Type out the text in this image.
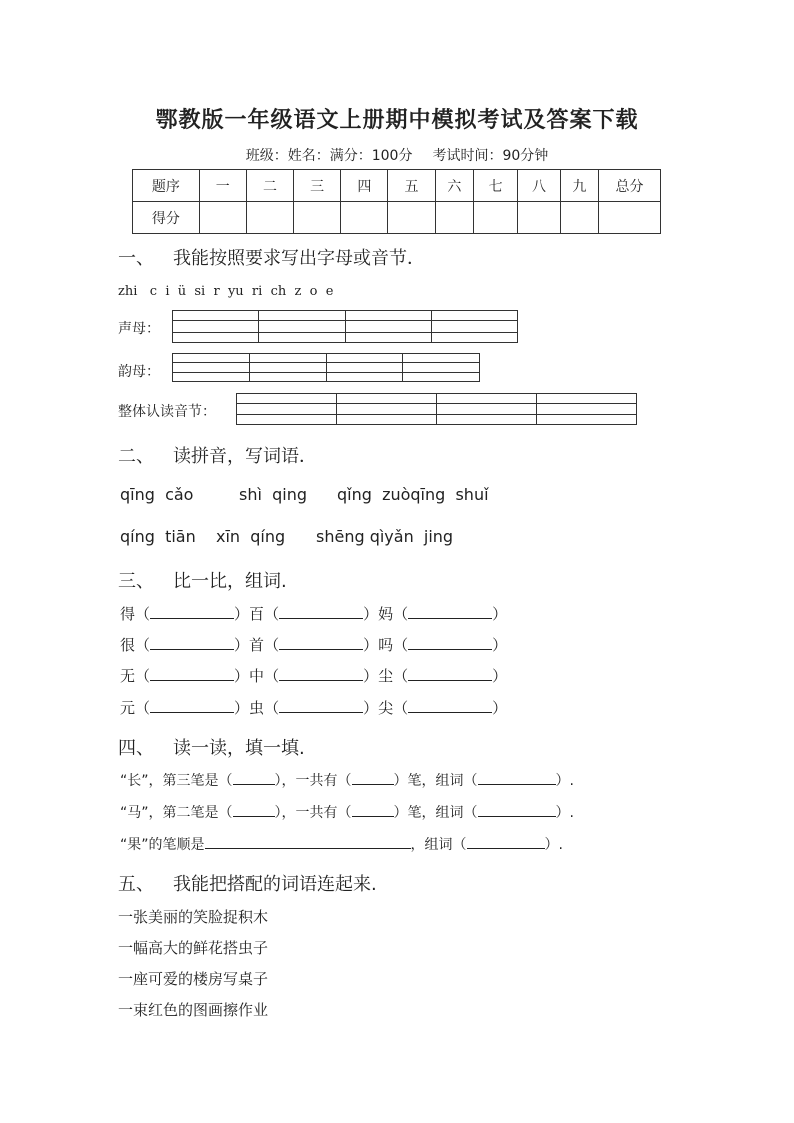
鄂教版一年级语文上册期中模拟考试及答案下载
班级：姓名：满分：100分 考试时间：90分钟
题序	一	二	三	四	五	六	七	八	九	总分
得分										
一、 我能按照要求写出字母或音节．
zhi   c  i  ü  si  r  yu  ri  ch  z  o  e
声母：

韵母：

整体认读音节：

二、 读拼音，写词语．
qīng  cǎo	shì  qing qǐng  zuòqīng  shuǐ
qíng  tiān xīn  qíng shēng qìyǎn  jing
三、 比一比，组词.
得（	）百（	）妈（	）
很（	）首（	）吗（	）
无（	）中（	）尘（	）
元（	）虫（	）尖（	）
四、 读一读，填一填.
“长”，第三笔是（	），一共有（	）笔，组词（	）.
“马”，第二笔是（	），一共有（	）笔，组词（	）.
“果”的笔顺是	，组词（	）.
五、 我能把搭配的词语连起来.
一张美丽的笑脸捉积木
一幅高大的鲜花搭虫子
一座可爱的楼房写桌子
一束红色的图画擦作业
